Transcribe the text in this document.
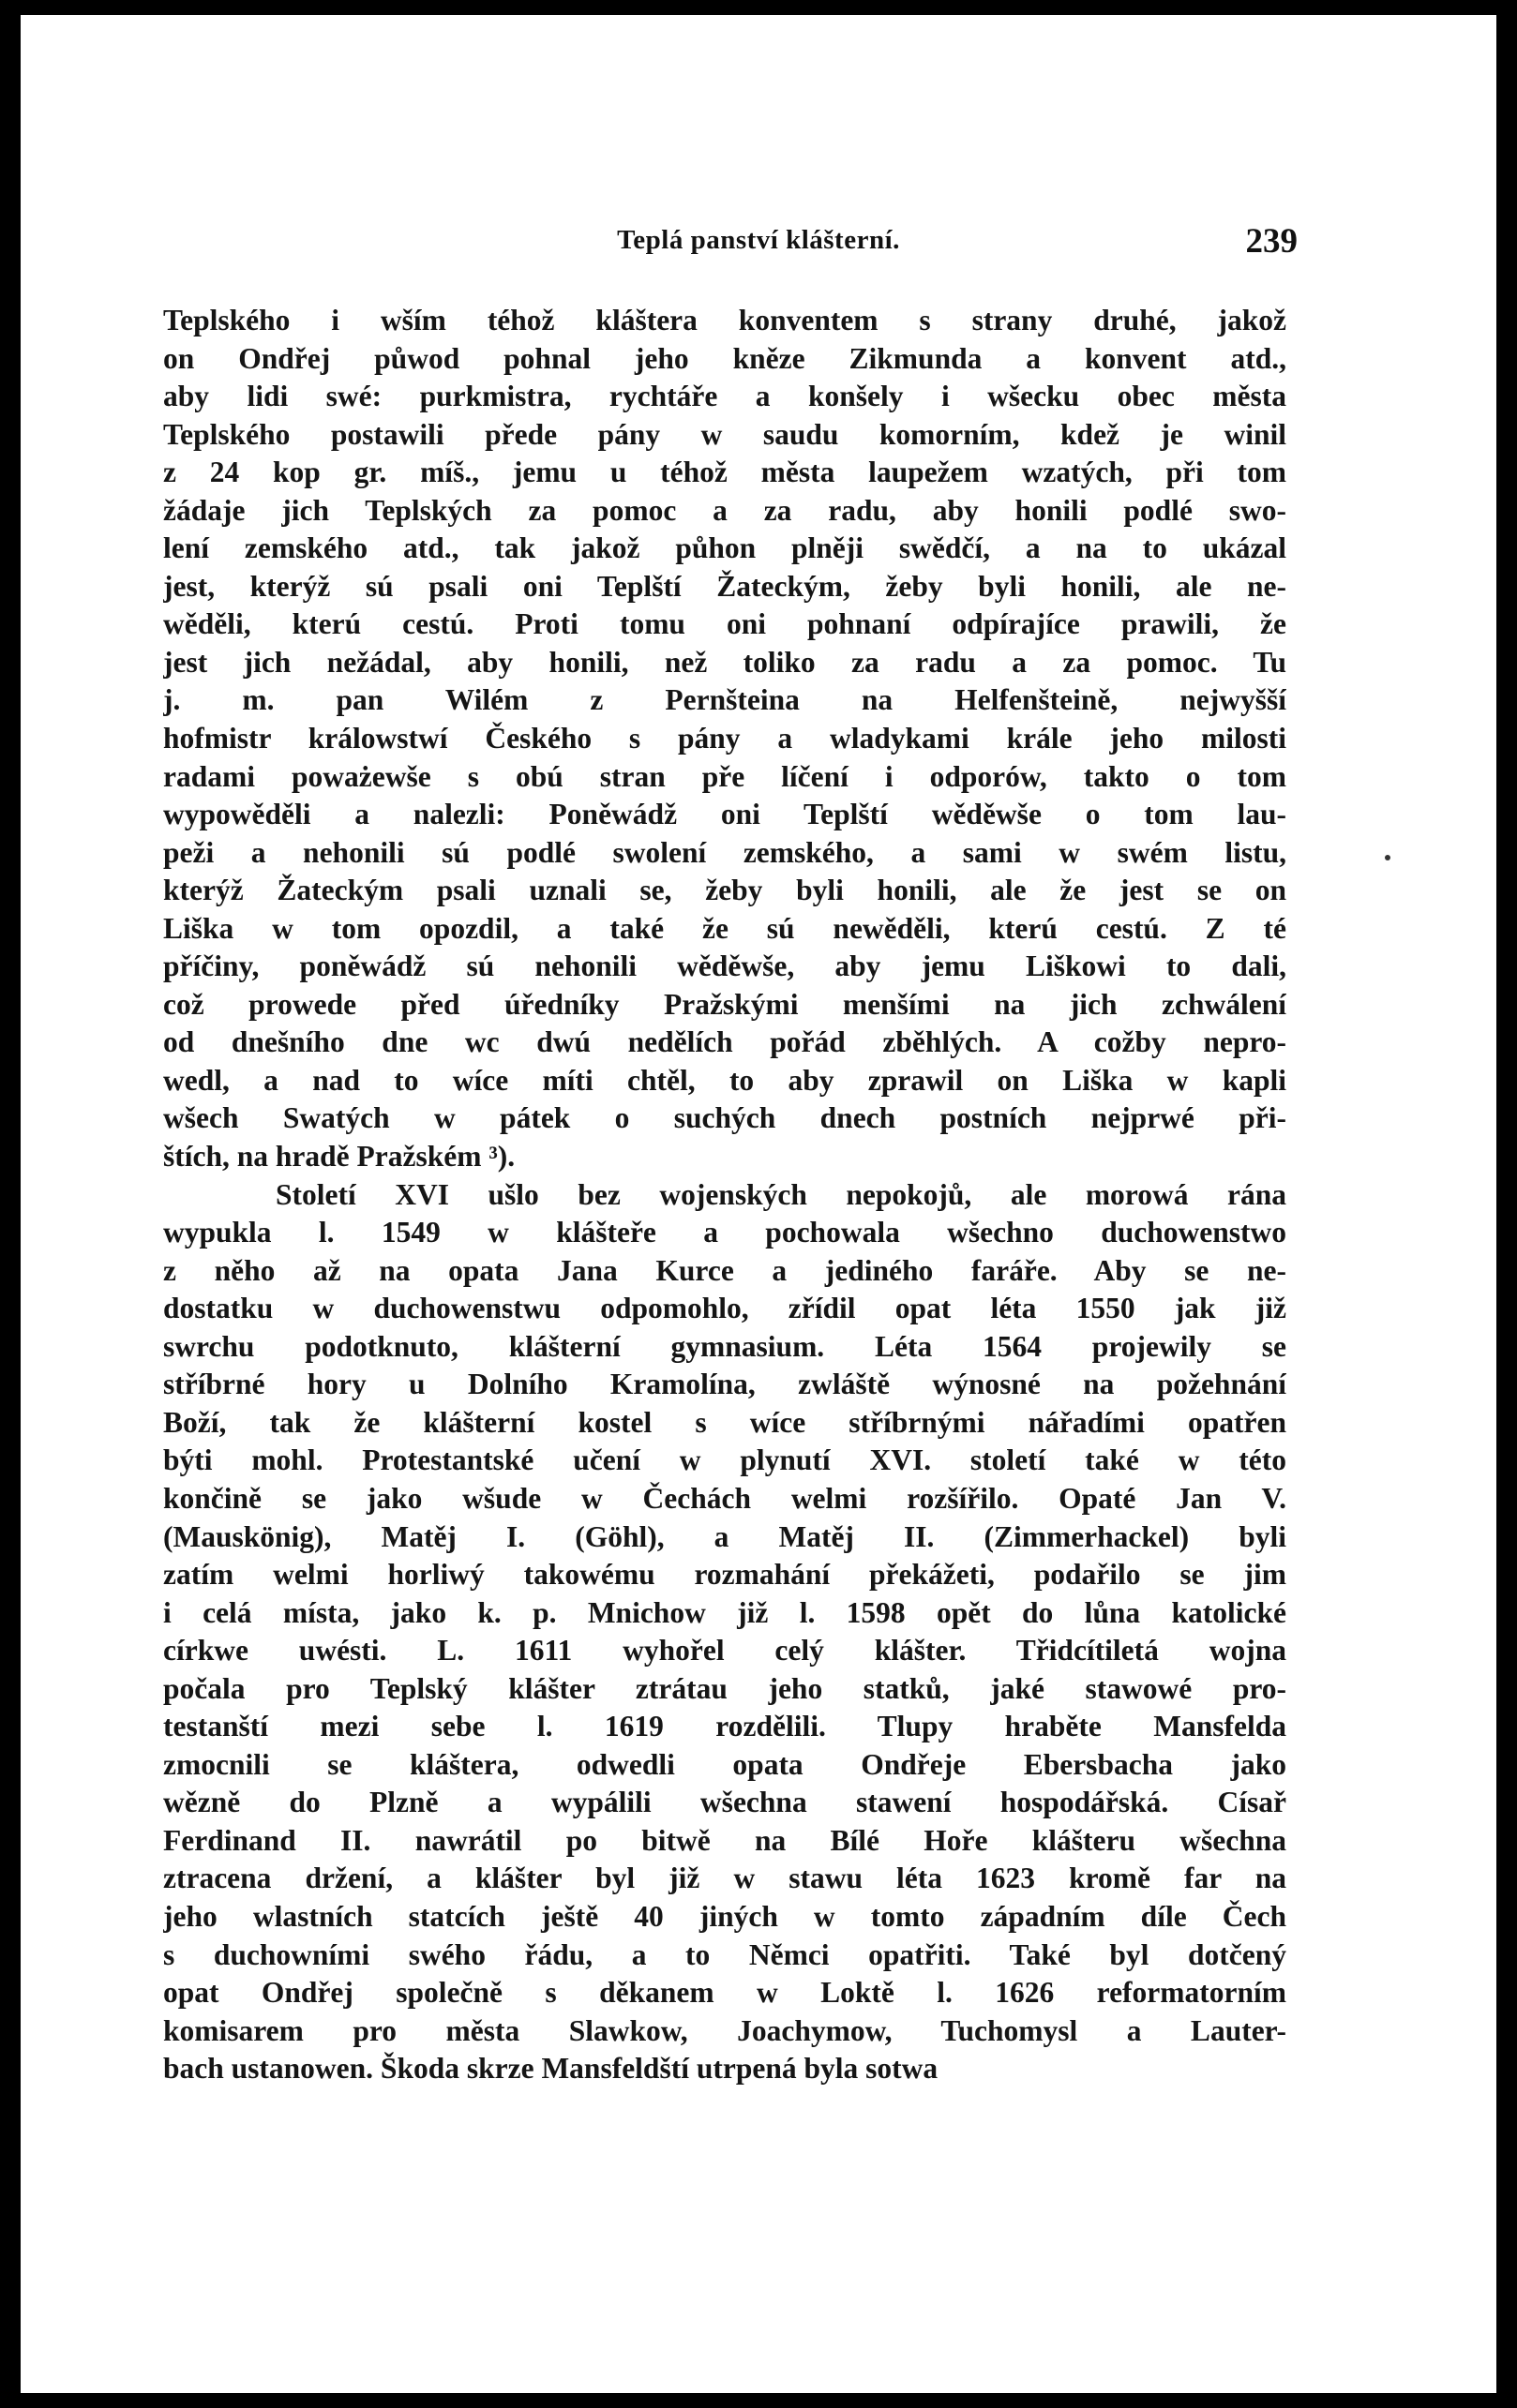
Teplá panství klášterní.	239
Teplského i wším téhož kláštera konventem s strany druhé, jakož
on Ondřej půwod pohnal jeho kněze Zikmunda a konvent atd.,
aby lidi swé: purkmistra, rychtáře a konšely i wšecku obec města
Teplského postawili přede pány w saudu komorním, kdež je winil
z 24 kop gr. míš., jemu u téhož města laupežem wzatých, při tom
žádaje jich Teplských za pomoc a za radu, aby honili podlé swo-
lení zemského atd., tak jakož půhon plněji swědčí, a na to ukázal
jest, kterýž sú psali oni Teplští Žateckým, žeby byli honili, ale ne-
wěděli, kterú cestú. Proti tomu oni pohnaní odpírajíce prawili, že
jest jich nežádal, aby honili, než toliko za radu a za pomoc. Tu
j. m. pan Wilém z Pernšteina na Helfenšteině, nejwyšší
hofmistr králowstwí Českého s pány a wladykami krále jeho milosti
radami poważewše s obú stran pře líčení i odporów, takto o tom
wypowěděli a nalezli: Poněwádž oni Teplští wěděwše o tom lau-
peži a nehonili sú podlé swolení zemského, a sami w swém listu,
kterýž Žateckým psali uznali se, žeby byli honili, ale že jest se on
Liška w tom opozdil, a také že sú newěděli, kterú cestú. Z té
příčiny, poněwádž sú nehonili wěděwše, aby jemu Liškowi to dali,
což prowede před úředníky Pražskými menšími na jich zchwálení
od dnešního dne wc dwú nedělích pořád zběhlých. A cožby nepro-
wedl, a nad to wíce míti chtěl, to aby zprawil on Liška w kapli
wšech Swatých w pátek o suchých dnech postních nejprwé při-
štích, na hradě Pražském ³).
Století XVI ušlo bez wojenských nepokojů, ale morowá rána
wypukla l. 1549 w klášteře a pochowala wšechno duchowenstwo
z něho až na opata Jana Kurce a jediného faráře. Aby se ne-
dostatku w duchowenstwu odpomohlo, zřídil opat léta 1550 jak již
swrchu podotknuto, klášterní gymnasium. Léta 1564 projewily se
stříbrné hory u Dolního Kramolína, zwláště wýnosné na požehnání
Boží, tak že klášterní kostel s wíce stříbrnými nářadími opatřen
býti mohl. Protestantské učení w plynutí XVI. století také w této
končině se jako wšude w Čechách welmi rozšířilo. Opaté Jan V.
(Mauskönig), Matěj I. (Göhl), a Matěj II. (Zimmerhackel) byli
zatím welmi horliwý takowému rozmahání překážeti, podařilo se jim
i celá místa, jako k. p. Mnichow již l. 1598 opět do lůna katolické
církwe uwésti. L. 1611 wyhořel celý klášter. Třidcítiletá wojna
počala pro Teplský klášter ztrátau jeho statků, jaké stawowé pro-
testanští mezi sebe l. 1619 rozdělili. Tlupy hraběte Mansfelda
zmocnili se kláštera, odwedli opata Ondřeje Ebersbacha jako
wězně do Plzně a wypálili wšechna stawení hospodářská. Císař
Ferdinand II. nawrátil po bitwě na Bílé Hoře klášteru wšechna
ztracena držení, a klášter byl již w stawu léta 1623 kromě far na
jeho wlastních statcích ještě 40 jiných w tomto západním díle Čech
s duchowními swého řádu, a to Němci opatřiti. Také byl dotčený
opat Ondřej společně s děkanem w Loktě l. 1626 reformatorním
komisarem pro města Slawkow, Joachymow, Tuchomysl a Lauter-
bach ustanowen. Škoda skrze Mansfeldští utrpená byla sotwa
